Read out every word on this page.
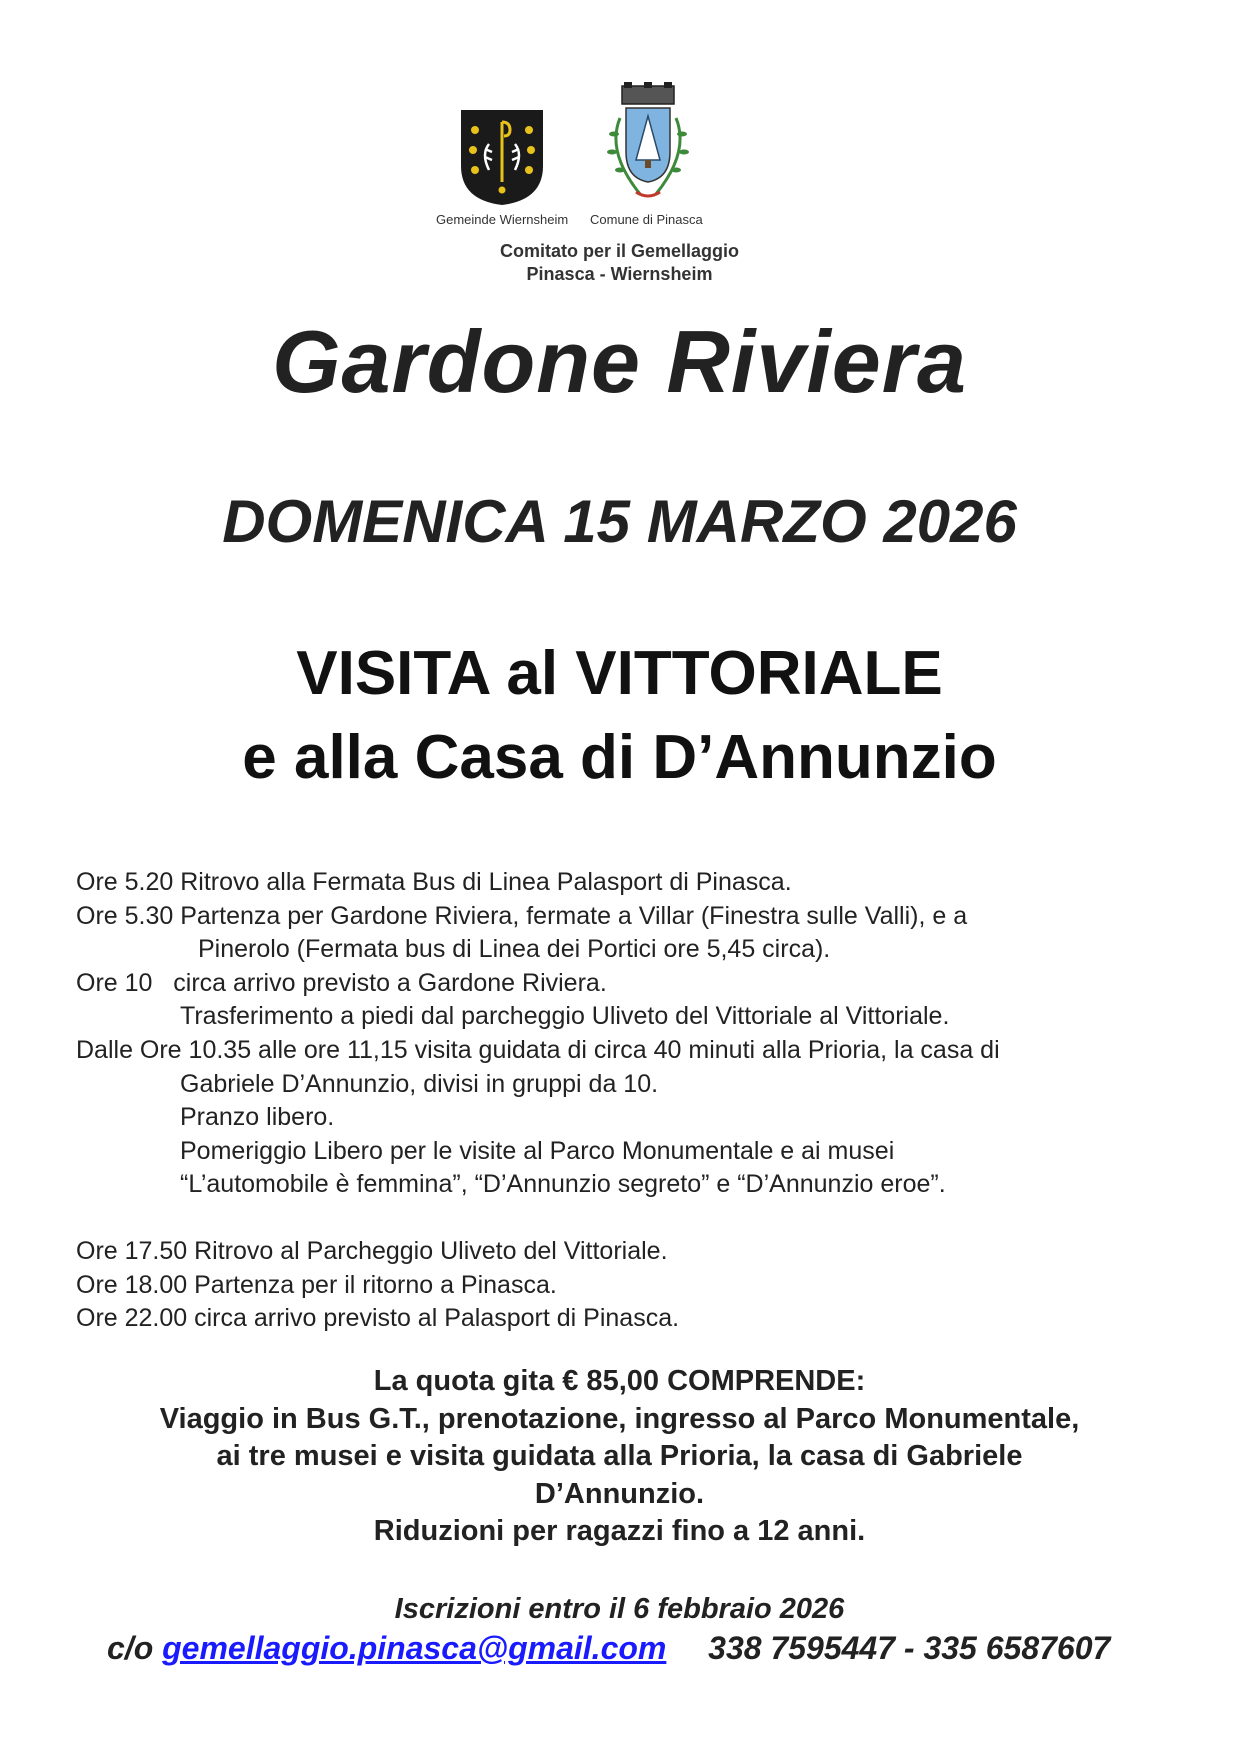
Gemeinde Wiernsheim Comune di Pinasca
Comitato per il Gemellaggio
Pinasca - Wiernsheim
Gardone Riviera
DOMENICA 15 MARZO 2026
VISITA al VITTORIALE
e alla Casa di D’Annunzio
Ore 5.20 Ritrovo alla Fermata Bus di Linea Palasport di Pinasca.
Ore 5.30 Partenza per Gardone Riviera, fermate a Villar (Finestra sulle Valli), e a
Pinerolo (Fermata bus di Linea dei Portici ore 5,45 circa).
Ore 10   circa arrivo previsto a Gardone Riviera.
Trasferimento a piedi dal parcheggio Uliveto del Vittoriale al Vittoriale.
Dalle Ore 10.35 alle ore 11,15 visita guidata di circa 40 minuti alla Prioria, la casa di
Gabriele D’Annunzio, divisi in gruppi da 10.
Pranzo libero.
Pomeriggio Libero per le visite al Parco Monumentale e ai musei
“L’automobile è femmina”, “D’Annunzio segreto” e “D’Annunzio eroe”.
Ore 17.50 Ritrovo al Parcheggio Uliveto del Vittoriale.
Ore 18.00 Partenza per il ritorno a Pinasca.
Ore 22.00 circa arrivo previsto al Palasport di Pinasca.
La quota gita € 85,00 COMPRENDE:
Viaggio in Bus G.T., prenotazione, ingresso al Parco Monumentale,
ai tre musei e visita guidata alla Prioria, la casa di Gabriele
D’Annunzio.
Riduzioni per ragazzi fino a 12 anni.
Iscrizioni entro il 6 febbraio 2026
c/o gemellaggio.pinasca@gmail.com 338 7595447 - 335 6587607
